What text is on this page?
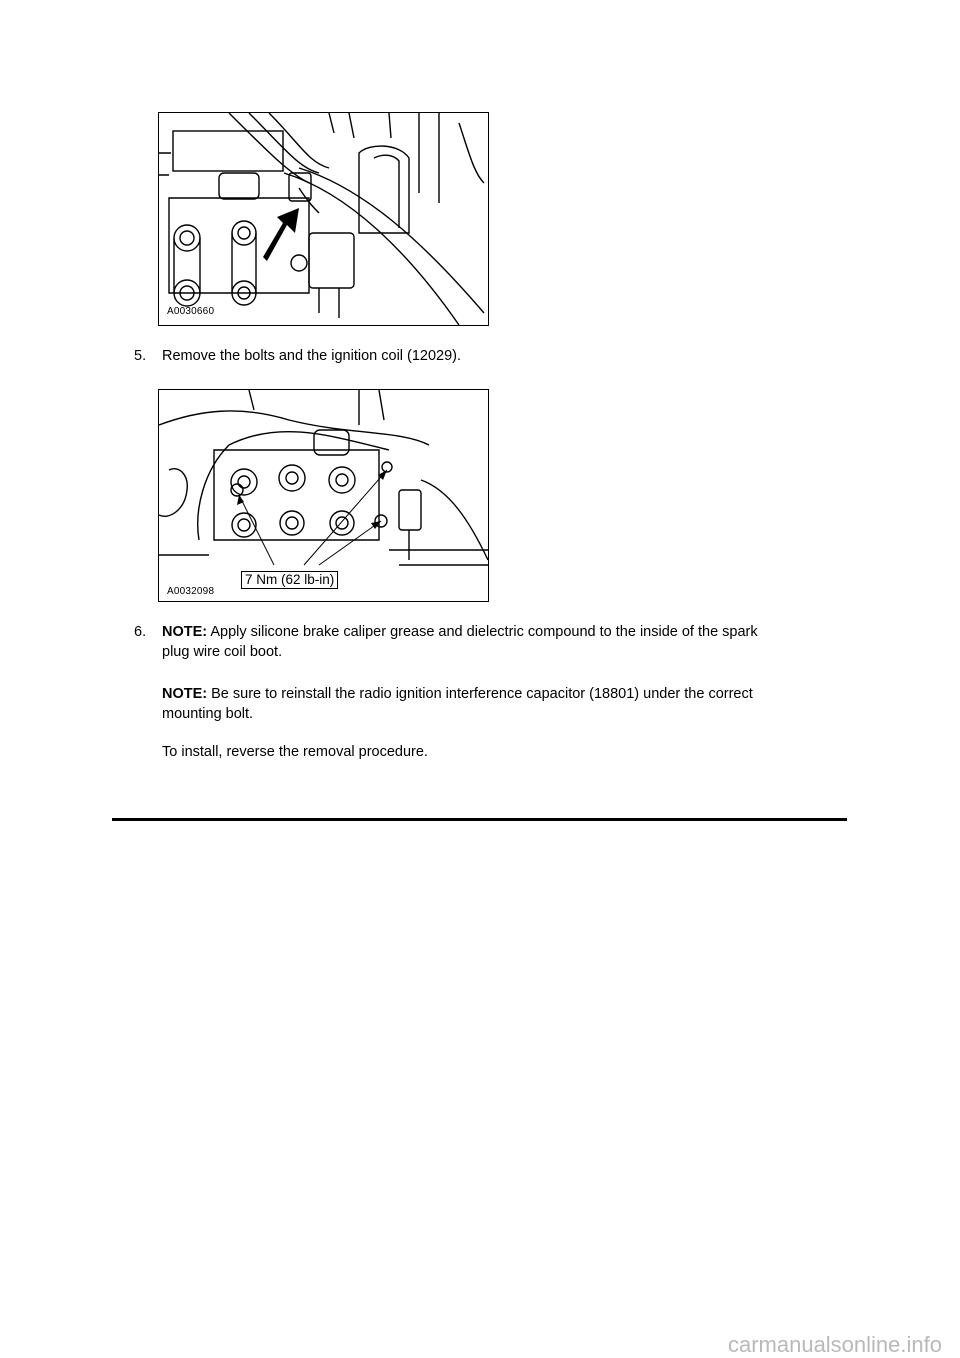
A0030660
5. Remove the bolts and the ignition coil (12029).
A0032098
7 Nm (62 lb-in)
6. NOTE: Apply silicone brake caliper grease and dielectric compound to the inside of the spark
plug wire coil boot.
NOTE: Be sure to reinstall the radio ignition interference capacitor (18801) under the correct
mounting bolt.
To install, reverse the removal procedure.
carmanualsonline.info
